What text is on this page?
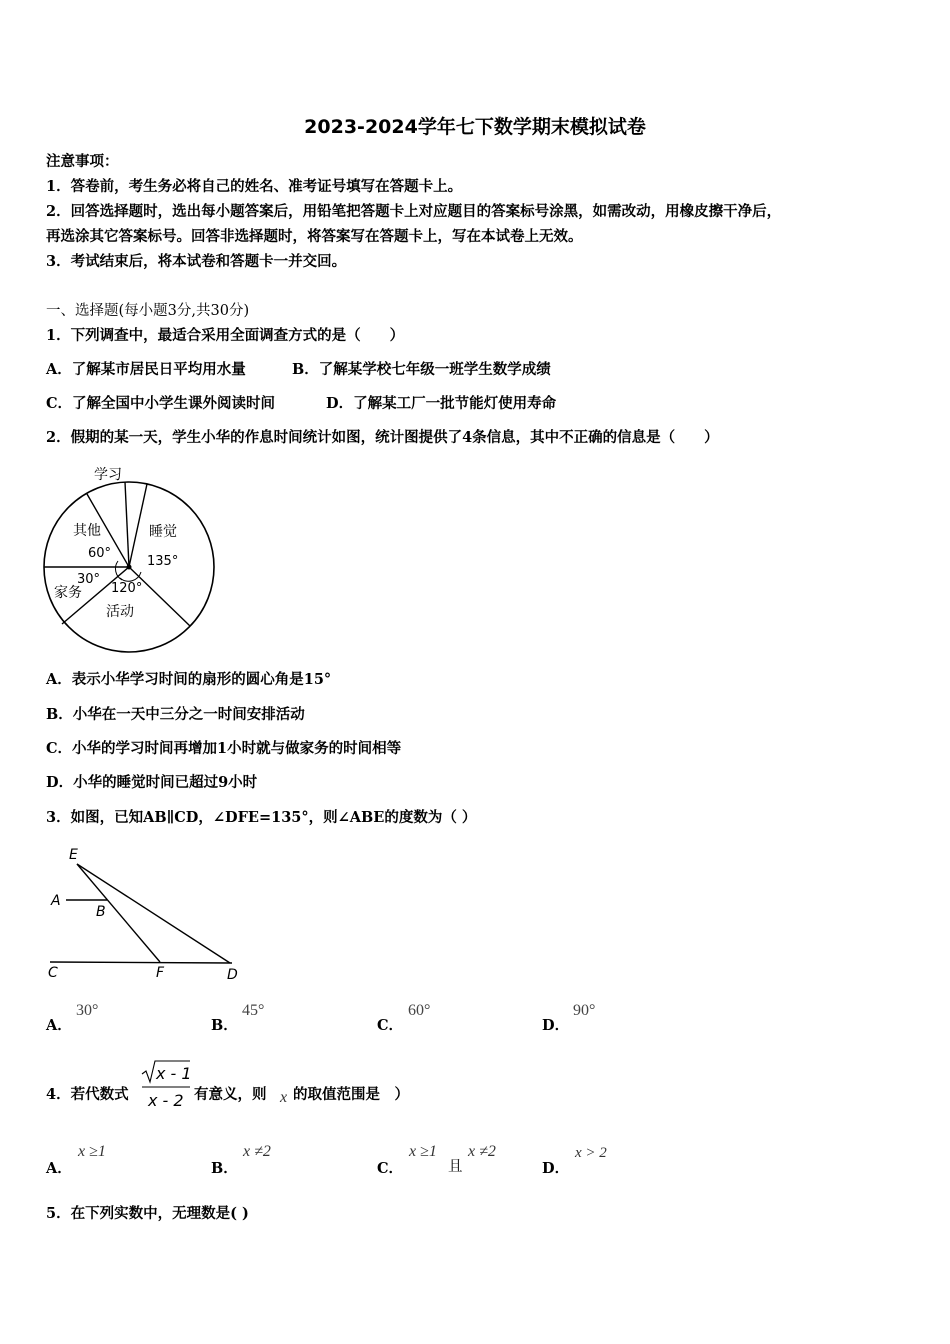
2023-2024学年七下数学期末模拟试卷
注意事项：
1．答卷前，考生务必将自己的姓名、准考证号填写在答题卡上。
2．回答选择题时，选出每小题答案后，用铅笔把答题卡上对应题目的答案标号涂黑，如需改动，用橡皮擦干净后，
再选涂其它答案标号。回答非选择题时，将答案写在答题卡上，写在本试卷上无效。
3．考试结束后，将本试卷和答题卡一并交回。
一、选择题(每小题3分,共30分)
1．下列调查中，最适合采用全面调查方式的是（　　）
A．了解某市居民日平均用水量	B．了解某学校七年级一班学生数学成绩
C．了解全国中小学生课外阅读时间	D．了解某工厂一批节能灯使用寿命
2．假期的某一天，学生小华的作息时间统计如图，统计图提供了4条信息，其中不正确的信息是（　　）
学习
其他	睡觉
60°
135°
30°
120°
家务
活动
A．表示小华学习时间的扇形的圆心角是15°
B．小华在一天中三分之一时间安排活动
C．小华的学习时间再增加1小时就与做家务的时间相等
D．小华的睡觉时间已超过9小时
3．如图，已知AB∥CD，∠DFE=135°，则∠ABE的度数为（ ）
E
A
B
C	F	D
A．
30°
B．
45°
C．
60°
D．
90°
4．若代数式
x - 1
x - 2 有意义，则 x 的取值范围是　）
A．
x ≥1
B．
x ≠2
C．
x ≥1
且
x ≠2
D．
x > 2
5．在下列实数中，无理数是( )
